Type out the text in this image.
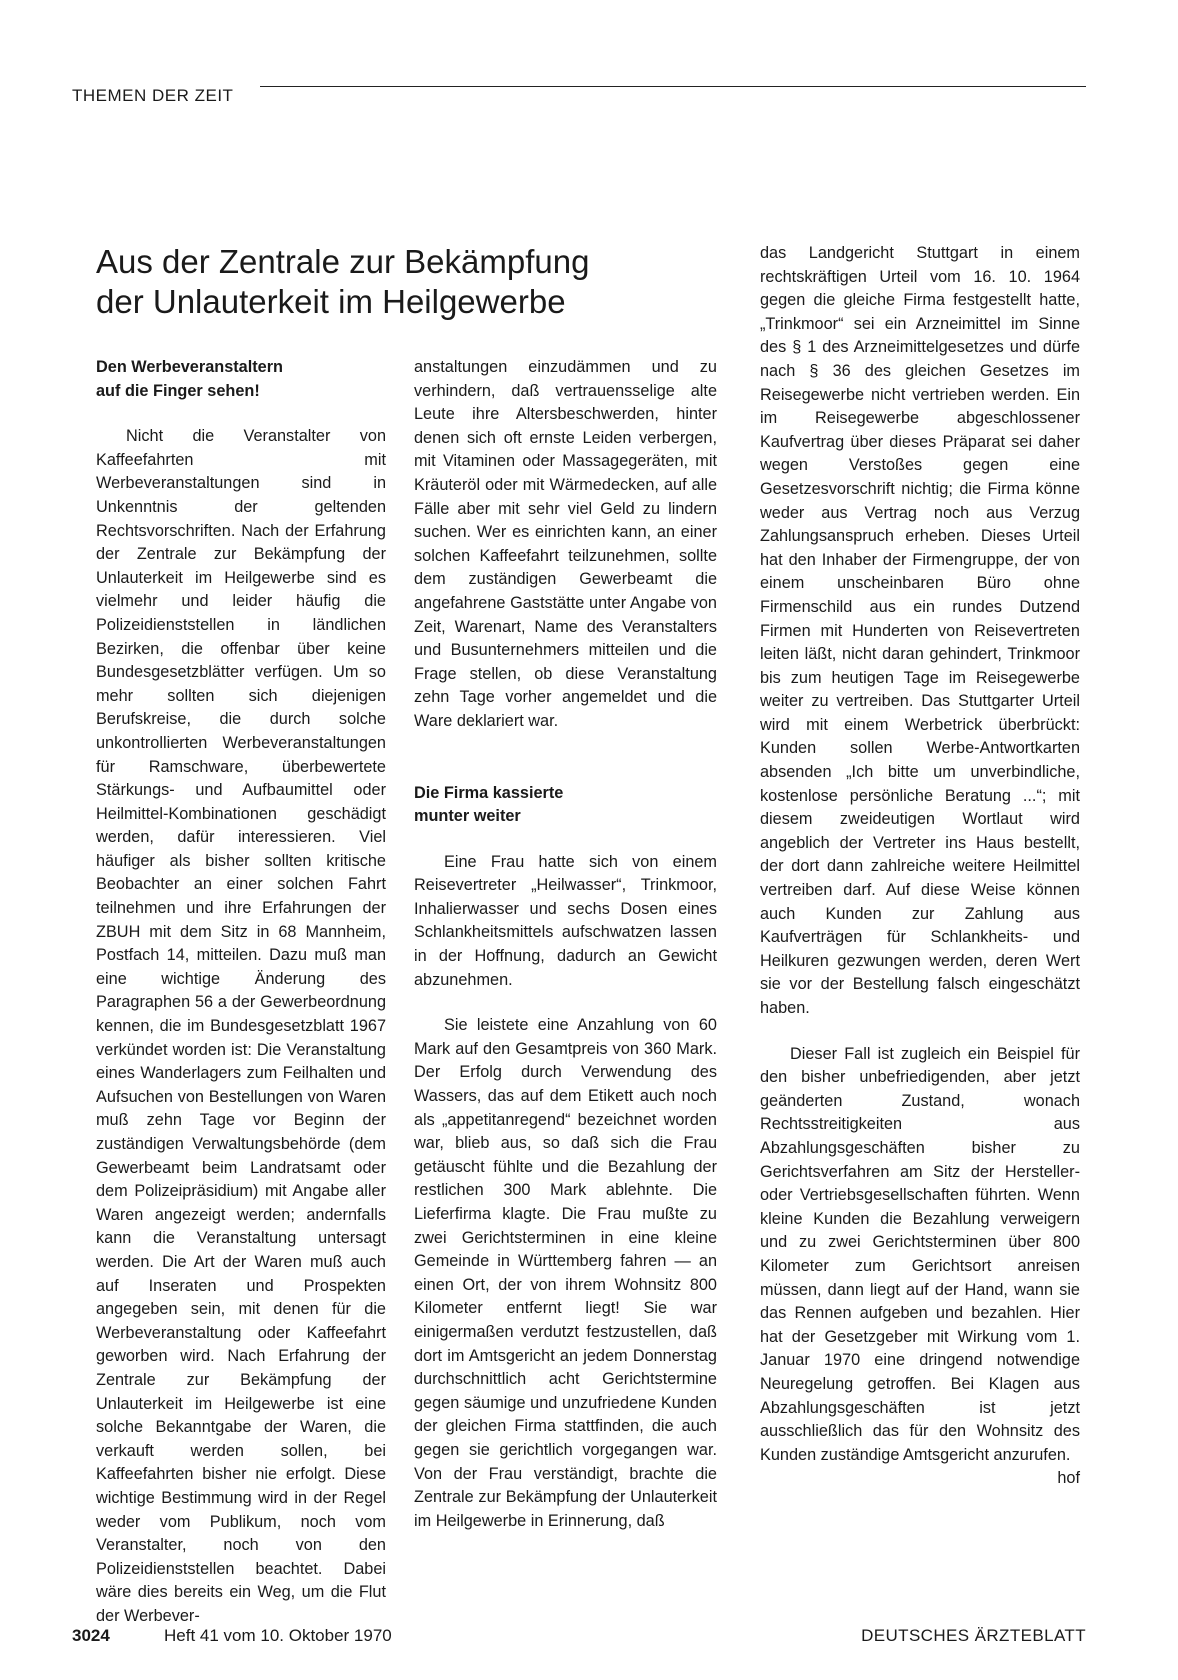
THEMEN DER ZEIT
Aus der Zentrale zur Bekämpfung
der Unlauterkeit im Heilgewerbe

Den Werbeveranstaltern
auf die Finger sehen!

Nicht die Veranstalter von Kaffeefahrten mit Werbeveranstaltungen sind in Unkenntnis der geltenden Rechtsvorschriften. Nach der Erfahrung der Zentrale zur Bekämpfung der Unlauterkeit im Heilgewerbe sind es vielmehr und leider häufig die Polizeidienststellen in ländlichen Bezirken, die offenbar über keine Bundesgesetzblätter verfügen. Um so mehr sollten sich diejenigen Berufskreise, die durch solche unkontrollierten Werbeveranstaltungen für Ramschware, überbewertete Stärkungs- und Aufbaumittel oder Heilmittel-Kombinationen geschädigt werden, dafür interessieren. Viel häufiger als bisher sollten kritische Beobachter an einer solchen Fahrt teilnehmen und ihre Erfahrungen der ZBUH mit dem Sitz in 68 Mannheim, Postfach 14, mitteilen. Dazu muß man eine wichtige Änderung des Paragraphen 56 a der Gewerbeordnung kennen, die im Bundesgesetzblatt 1967 verkündet worden ist: Die Veranstaltung eines Wanderlagers zum Feilhalten und Aufsuchen von Bestellungen von Waren muß zehn Tage vor Beginn der zuständigen Verwaltungsbehörde (dem Gewerbeamt beim Landratsamt oder dem Polizeipräsidium) mit Angabe aller Waren angezeigt werden; andernfalls kann die Veranstaltung untersagt werden. Die Art der Waren muß auch auf Inseraten und Prospekten angegeben sein, mit denen für die Werbeveranstaltung oder Kaffeefahrt geworben wird. Nach Erfahrung der Zentrale zur Bekämpfung der Unlauterkeit im Heilgewerbe ist eine solche Bekanntgabe der Waren, die verkauft werden sollen, bei Kaffeefahrten bisher nie erfolgt. Diese wichtige Bestimmung wird in der Regel weder vom Publikum, noch vom Veranstalter, noch von den Polizeidienststellen beachtet. Dabei wäre dies bereits ein Weg, um die Flut der Werbever-

anstaltungen einzudämmen und zu verhindern, daß vertrauensselige alte Leute ihre Altersbeschwerden, hinter denen sich oft ernste Leiden verbergen, mit Vitaminen oder Massagegeräten, mit Kräuteröl oder mit Wärmedecken, auf alle Fälle aber mit sehr viel Geld zu lindern suchen. Wer es einrichten kann, an einer solchen Kaffeefahrt teilzunehmen, sollte dem zuständigen Gewerbeamt die angefahrene Gaststätte unter Angabe von Zeit, Warenart, Name des Veranstalters und Busunternehmers mitteilen und die Frage stellen, ob diese Veranstaltung zehn Tage vorher angemeldet und die Ware deklariert war.

Die Firma kassierte
munter weiter

Eine Frau hatte sich von einem Reisevertreter „Heilwasser“, Trinkmoor, Inhalierwasser und sechs Dosen eines Schlankheitsmittels aufschwatzen lassen in der Hoffnung, dadurch an Gewicht abzunehmen.

Sie leistete eine Anzahlung von 60 Mark auf den Gesamtpreis von 360 Mark. Der Erfolg durch Verwendung des Wassers, das auf dem Etikett auch noch als „appetitanregend“ bezeichnet worden war, blieb aus, so daß sich die Frau getäuscht fühlte und die Bezahlung der restlichen 300 Mark ablehnte. Die Lieferfirma klagte. Die Frau mußte zu zwei Gerichtsterminen in eine kleine Gemeinde in Württemberg fahren — an einen Ort, der von ihrem Wohnsitz 800 Kilometer entfernt liegt! Sie war einigermaßen verdutzt festzustellen, daß dort im Amtsgericht an jedem Donnerstag durchschnittlich acht Gerichtstermine gegen säumige und unzufriedene Kunden der gleichen Firma stattfinden, die auch gegen sie gerichtlich vorgegangen war. Von der Frau verständigt, brachte die Zentrale zur Bekämpfung der Unlauterkeit im Heilgewerbe in Erinnerung, daß

das Landgericht Stuttgart in einem rechtskräftigen Urteil vom 16. 10. 1964 gegen die gleiche Firma festgestellt hatte, „Trinkmoor“ sei ein Arzneimittel im Sinne des § 1 des Arzneimittelgesetzes und dürfe nach § 36 des gleichen Gesetzes im Reisegewerbe nicht vertrieben werden. Ein im Reisegewerbe abgeschlossener Kaufvertrag über dieses Präparat sei daher wegen Verstoßes gegen eine Gesetzesvorschrift nichtig; die Firma könne weder aus Vertrag noch aus Verzug Zahlungsanspruch erheben. Dieses Urteil hat den Inhaber der Firmengruppe, der von einem unscheinbaren Büro ohne Firmenschild aus ein rundes Dutzend Firmen mit Hunderten von Reisevertreten leiten läßt, nicht daran gehindert, Trinkmoor bis zum heutigen Tage im Reisegewerbe weiter zu vertreiben. Das Stuttgarter Urteil wird mit einem Werbetrick überbrückt: Kunden sollen Werbe-Antwortkarten absenden „Ich bitte um unverbindliche, kostenlose persönliche Beratung ...“; mit diesem zweideutigen Wortlaut wird angeblich der Vertreter ins Haus bestellt, der dort dann zahlreiche weitere Heilmittel vertreiben darf. Auf diese Weise können auch Kunden zur Zahlung aus Kaufverträgen für Schlankheits- und Heilkuren gezwungen werden, deren Wert sie vor der Bestellung falsch eingeschätzt haben.

Dieser Fall ist zugleich ein Beispiel für den bisher unbefriedigenden, aber jetzt geänderten Zustand, wonach Rechtsstreitigkeiten aus Abzahlungsgeschäften bisher zu Gerichtsverfahren am Sitz der Hersteller- oder Vertriebsgesellschaften führten. Wenn kleine Kunden die Bezahlung verweigern und zu zwei Gerichtsterminen über 800 Kilometer zum Gerichtsort anreisen müssen, dann liegt auf der Hand, wann sie das Rennen aufgeben und bezahlen. Hier hat der Gesetzgeber mit Wirkung vom 1. Januar 1970 eine dringend notwendige Neuregelung getroffen. Bei Klagen aus Abzahlungsgeschäften ist jetzt ausschließlich das für den Wohnsitz des Kunden zuständige Amtsgericht anzurufen.
hof

3024	Heft 41 vom 10. Oktober 1970	DEUTSCHES ÄRZTEBLATT
